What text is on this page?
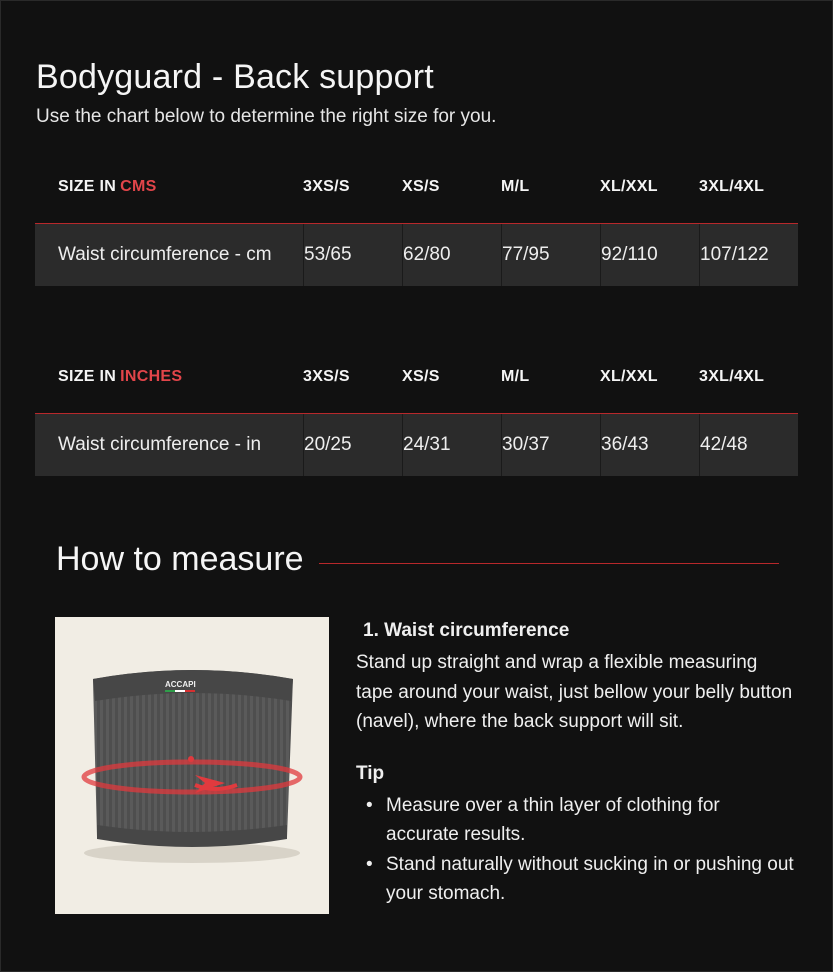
Bodyguard - Back support
Use the chart below to determine the right size for you.
SIZE IN CMS	3XS/S	XS/S	M/L	XL/XXL	3XL/4XL
Waist circumference - cm 53/65	62/80	77/95	92/110 107/122
SIZE IN INCHES	3XS/S	XS/S	M/L	XL/XXL	3XL/4XL
Waist circumference - in 20/25	24/31	30/37	36/43	42/48
How to measure
ACCAPI
1. Waist circumference

Stand up straight and wrap a flexible measuring tape around your waist, just bellow your belly button (navel), where the back support will sit.

Tip
• Measure over a thin layer of clothing for accurate results.
• Stand naturally without sucking in or pushing out your stomach.
